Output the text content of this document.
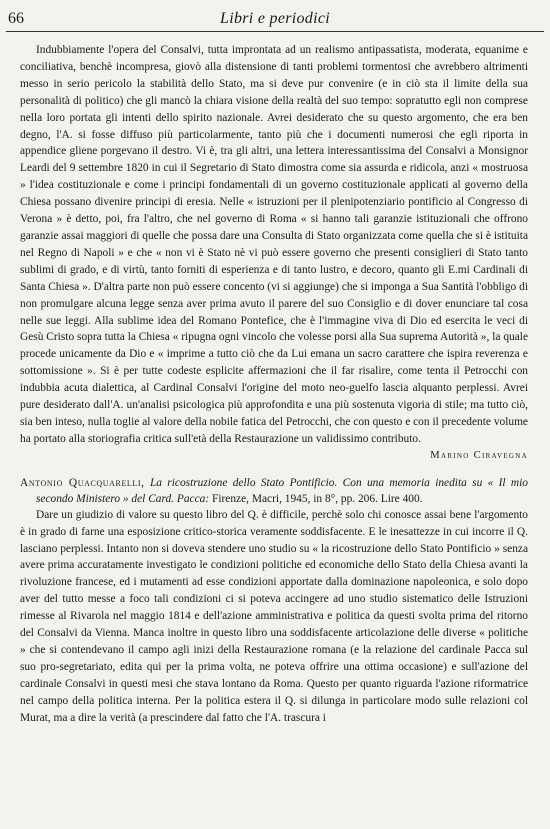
66	Libri e periodici

Indubbiamente l'opera del Consalvi, tutta improntata ad un realismo antipassatista, moderata, equanime e conciliativa, benchè incompresa, giovò alla distensione di tanti problemi tormentosi che avrebbero altrimenti messo in serio pericolo la stabilità dello Stato, ma si deve pur convenire (e in ciò sta il limite della sua personalità di politico) che gli mancò la chiara visione della realtà del suo tempo: sopratutto egli non comprese nella loro portata gli intenti dello spirito nazionale. Avrei desiderato che su questo argomento, che era ben degno, l'A. si fosse diffuso più particolarmente, tanto più che i documenti numerosi che egli riporta in appendice gliene porgevano il destro. Vi è, tra gli altri, una lettera interessantissima del Consalvi a Monsignor Leardi del 9 settembre 1820 in cui il Segretario di Stato dimostra come sia assurda e ridicola, anzi « mostruosa » l'idea costituzionale e come i principi fondamentali di un governo costituzionale applicati al governo della Chiesa possano divenire principi di eresia. Nelle « istruzioni per il plenipotenziario pontificio al Congresso di Verona » è detto, poi, fra l'altro, che nel governo di Roma « si hanno tali garanzie istituzionali che offrono garanzie assai maggiori di quelle che possa dare una Consulta di Stato organizzata come quella che si è istituita nel Regno di Napoli » e che « non vi è Stato nè vi può essere governo che presenti consiglieri di Stato tanto sublimi di grado, e di virtù, tanto forniti di esperienza e di tanto lustro, e decoro, quanto gli E.mi Cardinali di Santa Chiesa ». D'altra parte non può essere concento (vi si aggiunge) che si imponga a Sua Santità l'obbligo di non promulgare alcuna legge senza aver prima avuto il parere del suo Consiglio e di dover enunciare tal cosa nelle sue leggi. Alla sublime idea del Romano Pontefice, che è l'immagine viva di Dio ed esercita le veci di Gesù Cristo sopra tutta la Chiesa « ripugna ogni vincolo che volesse porsi alla Sua suprema Autorità », la quale procede unicamente da Dio e « imprime a tutto ciò che da Lui emana un sacro carattere che ispira reverenza e sottomissione ». Si è per tutte codeste esplicite affermazioni che il far risalire, come tenta il Petrocchi con indubbia acuta dialettica, al Cardinal Consalvi l'origine del moto neo-guelfo lascia alquanto perplessi. Avrei pure desiderato dall'A. un'analisi psicologica più approfondita e una più sostenuta vigoria di stile; ma tutto ciò, sia ben inteso, nulla toglie al valore della nobile fatica del Petrocchi, che con questo e con il precedente volume ha portato alla storiografia critica sull'età della Restaurazione un validissimo contributo.

Marino Ciravegna
Antonio Quacquarelli, La ricostruzione dello Stato Pontificio. Con una memoria inedita su « Il mio secondo Ministero » del Card. Pacca: Firenze, Macri, 1945, in 8°, pp. 206. Lire 400.

Dare un giudizio di valore su questo libro del Q. è difficile, perchè solo chi conosce assai bene l'argomento è in grado di farne una esposizione critico-storica veramente soddisfacente. E le inesattezze in cui incorre il Q. lasciano perplessi. Intanto non si doveva stendere uno studio su « la ricostruzione dello Stato Pontificio » senza avere prima accuratamente investigato le condizioni politiche ed economiche dello Stato della Chiesa avanti la rivoluzione francese, ed i mutamenti ad esse condizioni apportate dalla dominazione napoleonica, e solo dopo aver del tutto messe a foco tali condizioni ci si poteva accingere ad uno studio sistematico delle Istruzioni rimesse al Rivarola nel maggio 1814 e dell'azione amministrativa e politica da questi svolta prima del ritorno del Consalvi da Vienna. Manca inoltre in questo libro una soddisfacente articolazione delle diverse « politiche » che si contendevano il campo agli inizi della Restaurazione romana (e la relazione del cardinale Pacca sul suo pro-segretariato, edita qui per la prima volta, ne poteva offrire una ottima occasione) e sull'azione del cardinale Consalvi in questi mesi che stava lontano da Roma. Questo per quanto riguarda l'azione riformatrice nel campo della politica interna. Per la politica estera il Q. si dilunga in particolare modo sulle relazioni col Murat, ma a dire la verità (a prescindere dal fatto che l'A. trascura i
